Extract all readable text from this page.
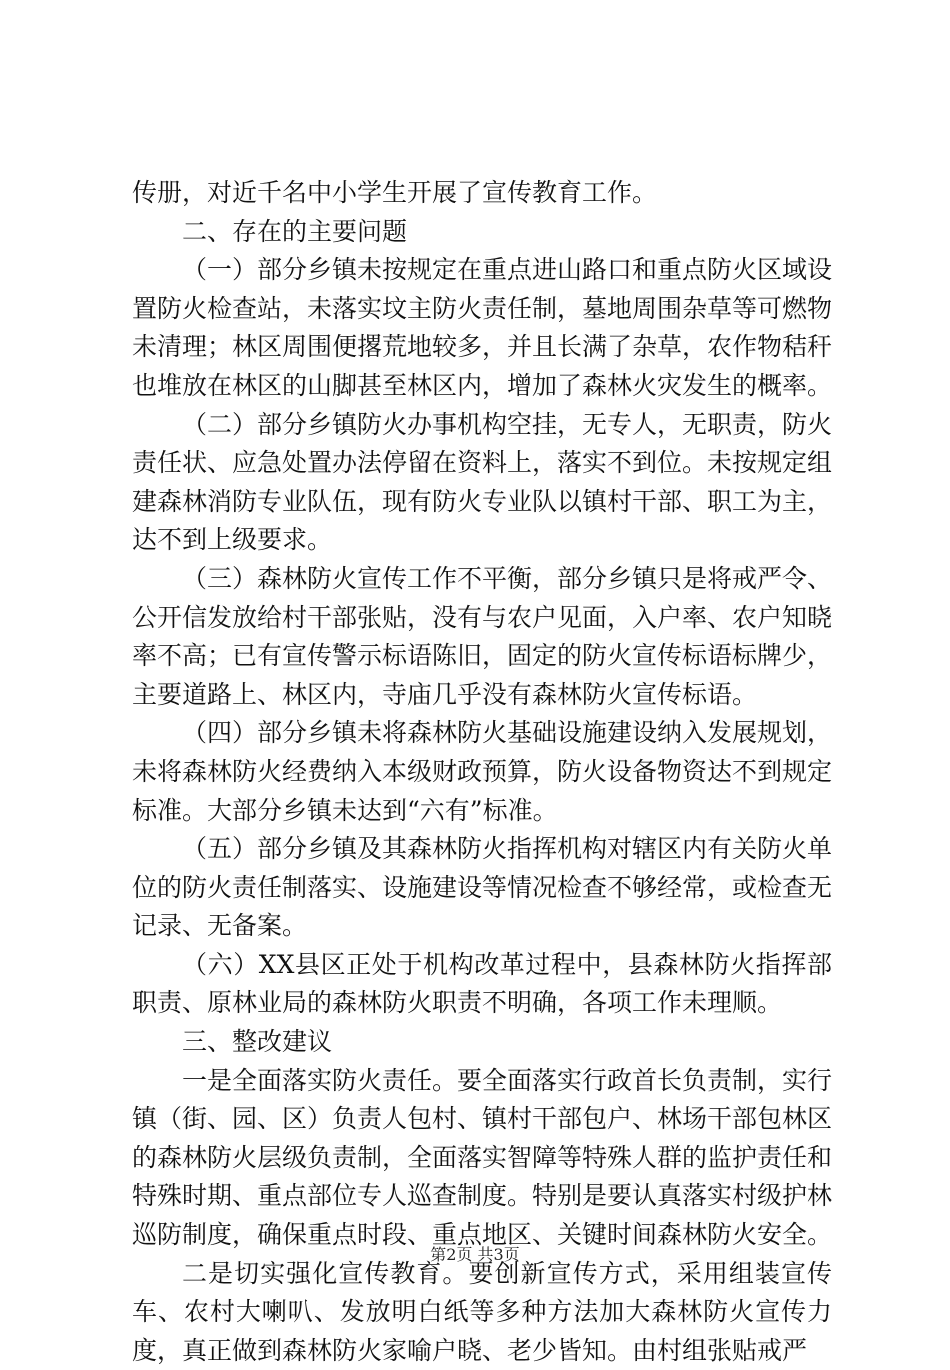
传册，对近千名中小学生开展了宣传教育工作。

二、存在的主要问题

（一）部分乡镇未按规定在重点进山路口和重点防火区域设置防火检查站，未落实坟主防火责任制，墓地周围杂草等可燃物未清理；林区周围便撂荒地较多，并且长满了杂草，农作物秸秆也堆放在林区的山脚甚至林区内，增加了森林火灾发生的概率。

（二）部分乡镇防火办事机构空挂，无专人，无职责，防火责任状、应急处置办法停留在资料上，落实不到位。未按规定组建森林消防专业队伍，现有防火专业队以镇村干部、职工为主，达不到上级要求。

（三）森林防火宣传工作不平衡，部分乡镇只是将戒严令、公开信发放给村干部张贴，没有与农户见面，入户率、农户知晓率不高；已有宣传警示标语陈旧，固定的防火宣传标语标牌少，主要道路上、林区内，寺庙几乎没有森林防火宣传标语。

（四）部分乡镇未将森林防火基础设施建设纳入发展规划，未将森林防火经费纳入本级财政预算，防火设备物资达不到规定标准。大部分乡镇未达到“六有”标准。

（五）部分乡镇及其森林防火指挥机构对辖区内有关防火单位的防火责任制落实、设施建设等情况检查不够经常，或检查无记录、无备案。

（六）XX县区正处于机构改革过程中，县森林防火指挥部职责、原林业局的森林防火职责不明确，各项工作未理顺。

三、整改建议

一是全面落实防火责任。要全面落实行政首长负责制，实行镇（街、园、区）负责人包村、镇村干部包户、林场干部包林区的森林防火层级负责制，全面落实智障等特殊人群的监护责任和特殊时期、重点部位专人巡查制度。特别是要认真落实村级护林巡防制度，确保重点时段、重点地区、关键时间森林防火安全。

二是切实强化宣传教育。要创新宣传方式，采用组装宣传车、农村大喇叭、发放明白纸等多种方法加大森林防火宣传力度，真正做到森林防火家喻户晓、老少皆知。由村组张贴戒严

第2页 共3页
